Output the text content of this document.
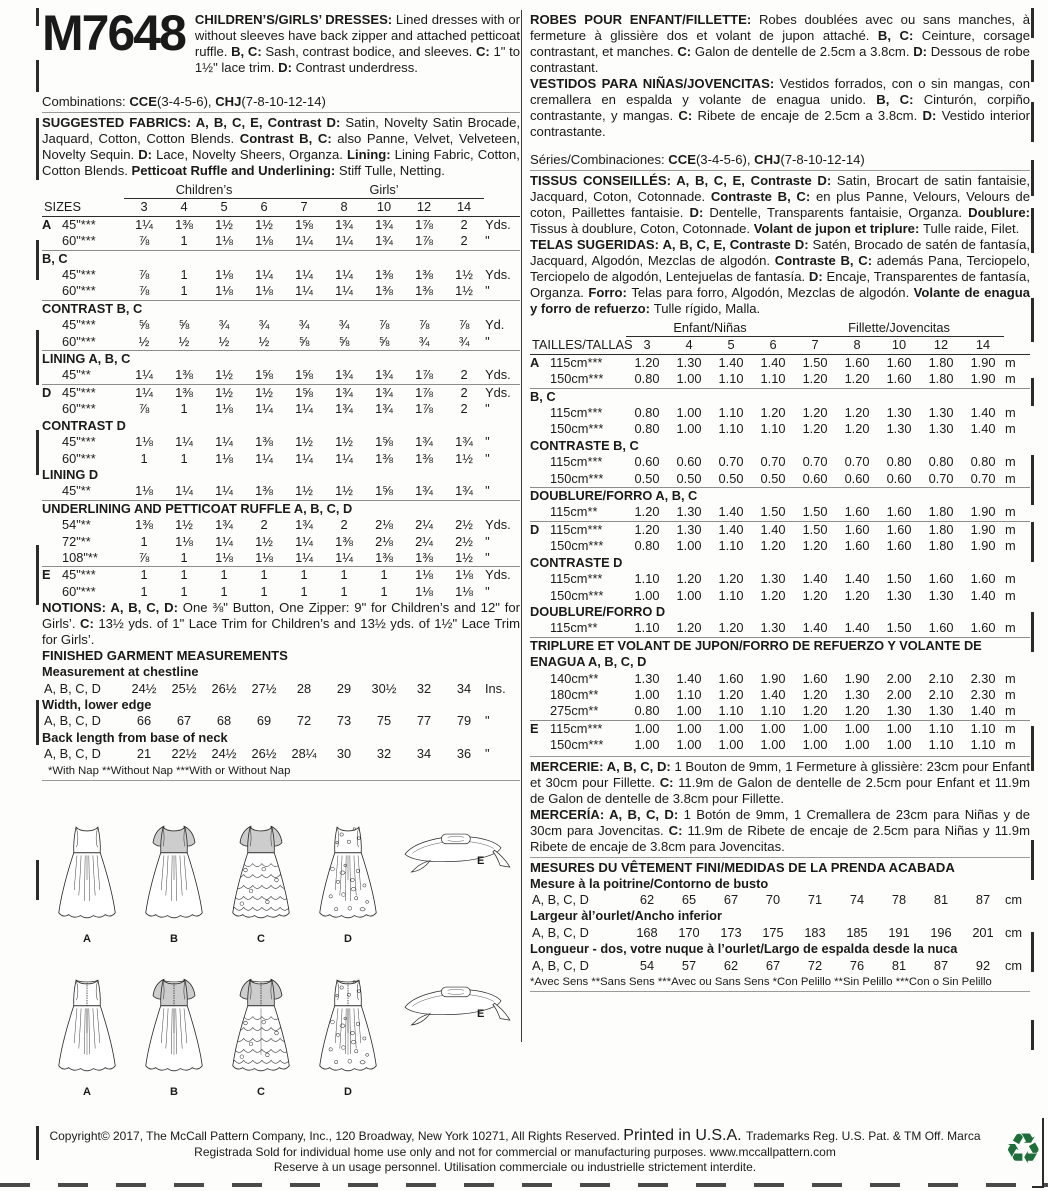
M7648 CHILDREN’S/GIRLS’ DRESSES: Lined dresses with or without sleeves have back zipper and attached petticoat ruffle. B, C: Sash, contrast bodice, and sleeves. C: 1" to 1½" lace trim. D: Contrast underdress.

Combinations: CCE(3-4-5-6), CHJ(7-8-10-12-14)

SUGGESTED FABRICS: A, B, C, E, Contrast D: Satin, Novelty Satin Brocade, Jaquard, Cotton, Cotton Blends. Contrast B, C: also Panne, Velvet, Velveteen, Novelty Sequin. D: Lace, Novelty Sheers, Organza. Lining: Lining Fabric, Cotton, Cotton Blends. Petticoat Ruffle and Underlining: Stiff Tulle, Netting.

		Children’s				Girls’					
SIZES		3	4	5	6	7	8	10	12	14	
A	45"***	1¼	1⅜	1½	1½	1⅝	1¾	1¾	1⅞	2	Yds.
	60"***	⅞	1	1⅛	1⅛	1¼	1¼	1¾	1⅞	2	"
B, C											
	45"***	⅞	1	1⅛	1¼	1¼	1¼	1⅜	1⅜	1½	Yds.
	60"***	⅞	1	1⅛	1⅛	1¼	1¼	1⅜	1⅜	1½	"
CONTRAST B, C											
	45"***	⅝	⅝	¾	¾	¾	¾	⅞	⅞	⅞	Yd.
	60"***	½	½	½	½	⅝	⅝	⅝	¾	¾	"
LINING A, B, C											
	45"**	1¼	1⅜	1½	1⅝	1⅝	1¾	1¾	1⅞	2	Yds.
D	45"***	1¼	1⅜	1½	1½	1⅝	1¾	1¾	1⅞	2	Yds.
	60"***	⅞	1	1⅛	1¼	1¼	1¾	1¾	1⅞	2	"
CONTRAST D											
	45"***	1⅛	1¼	1¼	1⅜	1½	1½	1⅝	1¾	1¾	"
	60"***	1	1	1⅛	1¼	1¼	1¼	1⅜	1⅜	1½	"
LINING D											
	45"**	1⅛	1¼	1¼	1⅜	1½	1½	1⅝	1¾	1¾	"
UNDERLINING AND PETTICOAT RUFFLE A, B, C, D											
	54"**	1⅜	1½	1¾	2	1¾	2	2⅛	2¼	2½	Yds.
	72"**	1	1⅛	1¼	1½	1¼	1⅜	2⅛	2¼	2½	"
	108"**	⅞	1	1⅛	1⅛	1¼	1¼	1⅜	1⅜	1½	"
E	45"***	1	1	1	1	1	1	1	1⅛	1⅛	Yds.
	60"***	1	1	1	1	1	1	1	1⅛	1⅛	"

NOTIONS: A, B, C, D: One ⅜" Button, One Zipper: 9" for Children’s and 12" for Girls’. C: 13½ yds. of 1" Lace Trim for Children’s and 13½ yds. of 1½" Lace Trim for Girls’.

FINISHED GARMENT MEASUREMENTS

Measurement at chestline										
A, B, C, D	24½	25½	26½	27½	28	29	30½	32	34	Ins.
Width, lower edge										
A, B, C, D	66	67	68	69	72	73	75	77	79	"
Back length from base of neck										
A, B, C, D	21	22½	24½	26½	28¼	30	32	34	36	"

*With Nap **Without Nap ***With or Without Nap

ROBES POUR ENFANT/FILLETTE: Robes doublées avec ou sans manches, à fermeture à glissière dos et volant de jupon attaché. B, C: Ceinture, corsage contrastant, et manches. C: Galon de dentelle de 2.5cm a 3.8cm. D: Dessous de robe contrastant.

VESTIDOS PARA NIÑAS/JOVENCITAS: Vestidos forrados, con o sin mangas, con cremallera en espalda y volante de enagua unido. B, C: Cinturón, corpiño contrastante, y mangas. C: Ribete de encaje de 2.5cm a 3.8cm. D: Vestido interior contrastante.

Séries/Combinaciones: CCE(3-4-5-6), CHJ(7-8-10-12-14)

TISSUS CONSEILLÉS: A, B, C, E, Contraste D: Satin, Brocart de satin fantaisie, Jacquard, Coton, Cotonnade. Contraste B, C: en plus Panne, Velours, Velours de coton, Paillettes fantaisie. D: Dentelle, Transparents fantaisie, Organza. Doublure: Tissus à doublure, Coton, Cotonnade. Volant de jupon et triplure: Tulle raide, Filet.

TELAS SUGERIDAS: A, B, C, E, Contraste D: Satén, Brocado de satén de fantasía, Jacquard, Algodón, Mezclas de algodón. Contraste B, C: además Pana, Terciopelo, Terciopelo de algodón, Lentejuelas de fantasía. D: Encaje, Transparentes de fantasía, Organza. Forro: Telas para forro, Algodón, Mezclas de algodón. Volante de enagua y forro de refuerzo: Tulle rígido, Malla.

		Enfant/Niñas				Fillette/Jovencitas					
TAILLES/TALLAS		3	4	5	6	7	8	10	12	14	
A	115cm***	1.20	1.30	1.40	1.40	1.50	1.60	1.60	1.80	1.90	m
	150cm***	0.80	1.00	1.10	1.10	1.20	1.20	1.60	1.80	1.90	m
B, C											
	115cm***	0.80	1.00	1.10	1.20	1.20	1.20	1.30	1.30	1.40	m
	150cm***	0.80	1.00	1.10	1.10	1.20	1.20	1.30	1.30	1.40	m
CONTRASTE B, C											
	115cm***	0.60	0.60	0.70	0.70	0.70	0.70	0.80	0.80	0.80	m
	150cm***	0.50	0.50	0.50	0.50	0.60	0.60	0.60	0.70	0.70	m
DOUBLURE/FORRO A, B, C											
	115cm**	1.20	1.30	1.40	1.50	1.50	1.60	1.60	1.80	1.90	m
D	115cm***	1.20	1.30	1.40	1.40	1.50	1.60	1.60	1.80	1.90	m
	150cm***	0.80	1.00	1.10	1.20	1.20	1.60	1.60	1.80	1.90	m
CONTRASTE D											
	115cm***	1.10	1.20	1.20	1.30	1.40	1.40	1.50	1.60	1.60	m
	150cm***	1.00	1.00	1.10	1.20	1.20	1.20	1.30	1.30	1.40	m
DOUBLURE/FORRO D											
	115cm**	1.10	1.20	1.20	1.30	1.40	1.40	1.50	1.60	1.60	m
TRIPLURE ET VOLANT DE JUPON/FORRO DE REFUERZO Y VOLANTE DE ENAGUA A, B, C, D											
	140cm**	1.30	1.40	1.60	1.90	1.60	1.90	2.00	2.10	2.30	m
	180cm**	1.00	1.10	1.20	1.40	1.20	1.30	2.00	2.10	2.30	m
	275cm**	0.80	1.00	1.10	1.10	1.20	1.20	1.30	1.30	1.40	m
E	115cm***	1.00	1.00	1.00	1.00	1.00	1.00	1.00	1.10	1.10	m
	150cm***	1.00	1.00	1.00	1.00	1.00	1.00	1.00	1.10	1.10	m

MERCERIE: A, B, C, D: 1 Bouton de 9mm, 1 Fermeture à glissière: 23cm pour Enfant et 30cm pour Fillette. C: 11.9m de Galon de dentelle de 2.5cm pour Enfant et 11.9m de Galon de dentelle de 3.8cm pour Fillette.

MERCERÍA: A, B, C, D: 1 Botón de 9mm, 1 Cremallera de 23cm para Niñas y de 30cm para Jovencitas. C: 11.9m de Ribete de encaje de 2.5cm para Niñas y 11.9m Ribete de encaje de 3.8cm para Jovencitas.

MESURES DU VÊTEMENT FINI/MEDIDAS DE LA PRENDA ACABADA

Mesure à la poitrine/Contorno de busto										
A, B, C, D	62	65	67	70	71	74	78	81	87	cm
Largeur àl’ourlet/Ancho inferior										
A, B, C, D	168	170	173	175	183	185	191	196	201	cm
Longueur - dos, votre nuque à l’ourlet/Largo de espalda desde la nuca										
A, B, C, D	54	57	62	67	72	76	81	87	92	cm

*Avec Sens **Sans Sens ***Avec ou Sans Sens *Con Pelillo **Sin Pelillo ***Con o Sin Pelillo

A	B	C	D
E
A	B	C	D
E

Copyright© 2017, The McCall Pattern Company, Inc., 120 Broadway, New York 10271, All Rights Reserved. Printed in U.S.A. Trademarks Reg. U.S. Pat. & TM Off. Marca

Registrada Sold for individual home use only and not for commercial or manufacturing purposes. www.mccallpattern.com

Reserve à un usage personnel. Utilisation commerciale ou industrielle strictement interdite.	♻
